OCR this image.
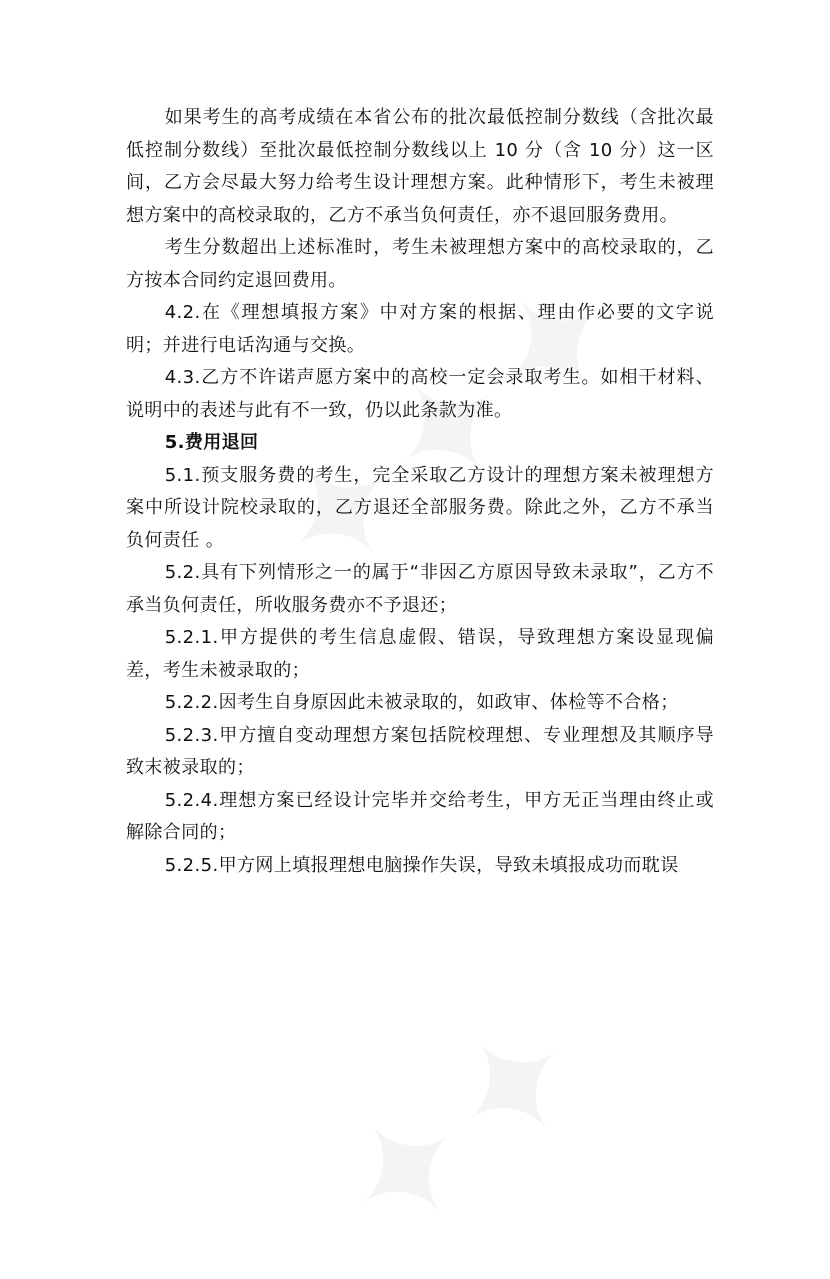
如果考生的高考成绩在本省公布的批次最低控制分数线（含批次最低控制分数线）至批次最低控制分数线以上 10 分（含 10 分）这一区间，乙方会尽最大努力给考生设计理想方案。此种情形下，考生未被理想方案中的高校录取的，乙方不承当负何责任，亦不退回服务费用。

考生分数超出上述标准时，考生未被理想方案中的高校录取的，乙方按本合同约定退回费用。

4.2.在《理想填报方案》中对方案的根据、理由作必要的文字说明；并进行电话沟通与交换。

4.3.乙方不许诺声愿方案中的高校一定会录取考生。如相干材料、说明中的表述与此有不一致，仍以此条款为准。

5.费用退回

5.1.预支服务费的考生，完全采取乙方设计的理想方案未被理想方案中所设计院校录取的，乙方退还全部服务费。除此之外，乙方不承当负何责任 。

5.2.具有下列情形之一的属于“非因乙方原因导致未录取”，乙方不承当负何责任，所收服务费亦不予退还；

5.2.1.甲方提供的考生信息虚假、错误，导致理想方案设显现偏差，考生未被录取的；

5.2.2.因考生自身原因此未被录取的，如政审、体检等不合格；

5.2.3.甲方擅自变动理想方案包括院校理想、专业理想及其顺序导致末被录取的；

5.2.4.理想方案已经设计完毕并交给考生，甲方无正当理由终止或解除合同的；

5.2.5.甲方网上填报理想电脑操作失误，导致未填报成功而耽误
